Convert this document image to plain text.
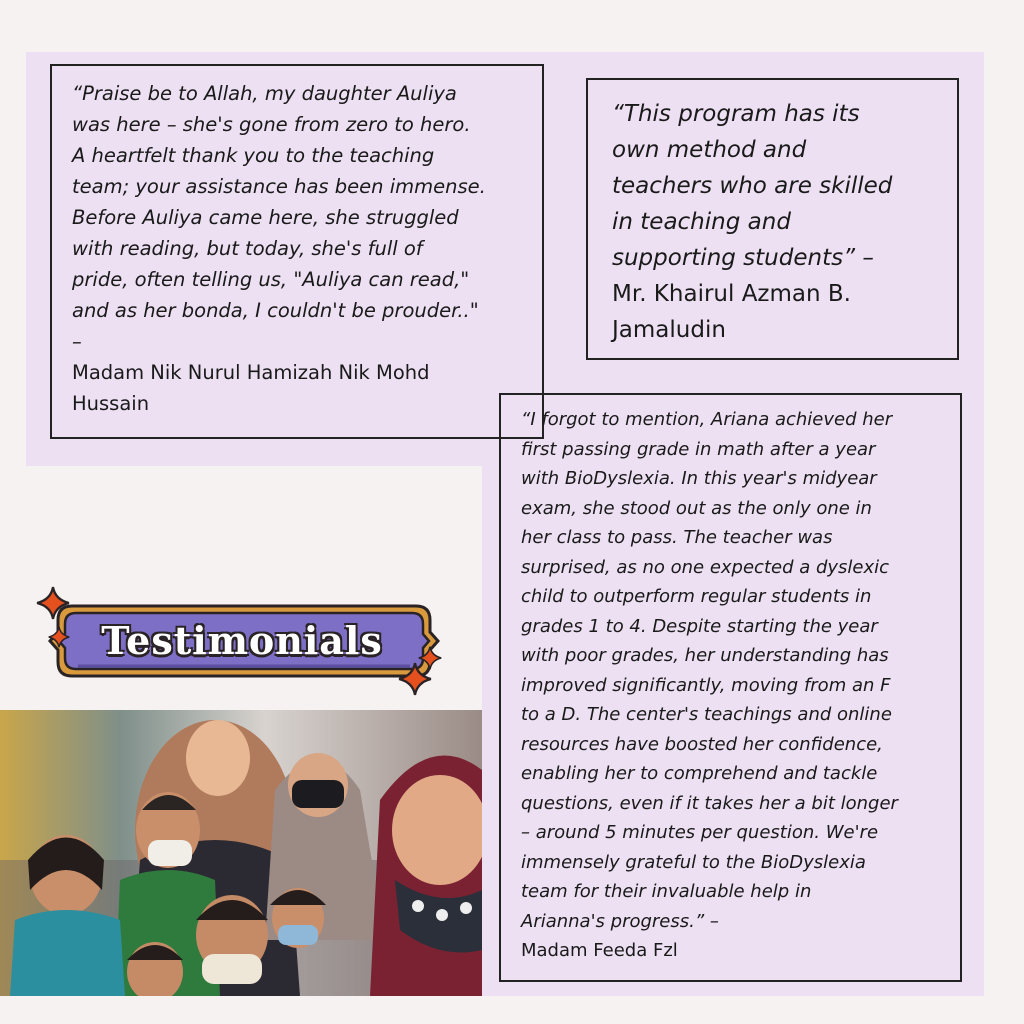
“Praise be to Allah, my daughter Auliya
was here – she's gone from zero to hero.
A heartfelt thank you to the teaching
team; your assistance has been immense.
Before Auliya came here, she struggled
with reading, but today, she's full of
pride, often telling us, "Auliya can read,"
and as her bonda, I couldn't be prouder.."
–
Madam Nik Nurul Hamizah Nik Mohd
Hussain
“This program has its
own method and
teachers who are skilled
in teaching and
supporting students” –
Mr. Khairul Azman B.
Jamaludin
“I forgot to mention, Ariana achieved her
first passing grade in math after a year
with BioDyslexia. In this year's midyear
exam, she stood out as the only one in
her class to pass. The teacher was
surprised, as no one expected a dyslexic
child to outperform regular students in
grades 1 to 4. Despite starting the year
with poor grades, her understanding has
improved significantly, moving from an F
to a D. The center's teachings and online
resources have boosted her confidence,
enabling her to comprehend and tackle
questions, even if it takes her a bit longer
– around 5 minutes per question. We're
immensely grateful to the BioDyslexia
team for their invaluable help in
Arianna's progress.” –
Madam Feeda Fzl
Testimonials
